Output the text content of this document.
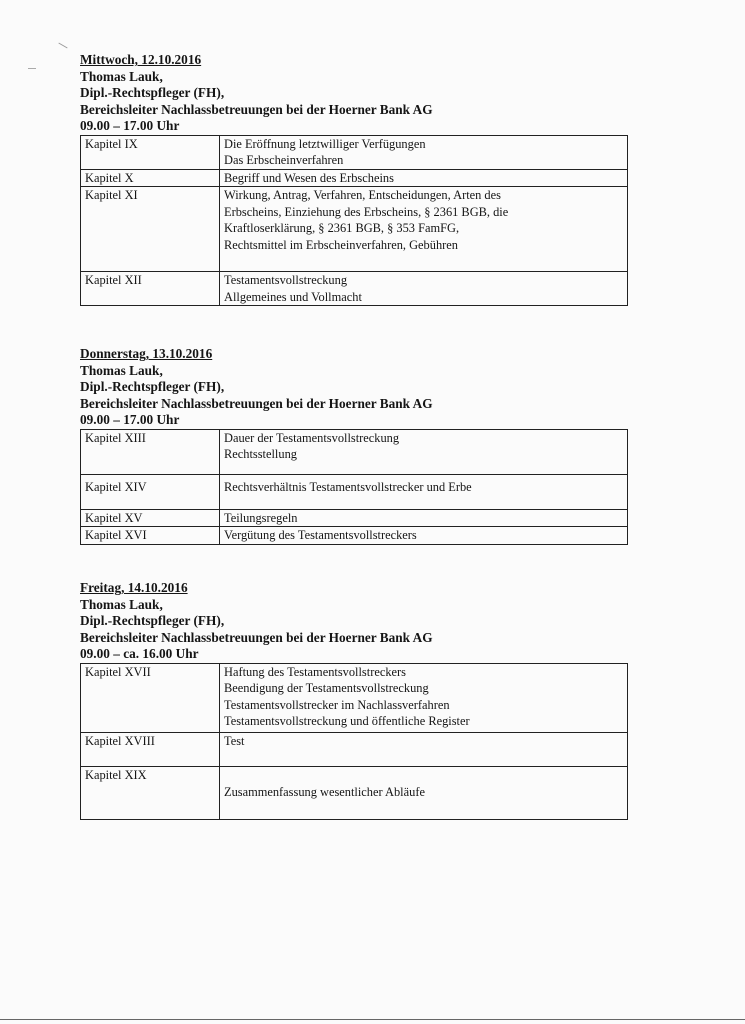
Mittwoch, 12.10.2016
Thomas Lauk,
Dipl.-Rechtspfleger (FH),
Bereichsleiter Nachlassbetreuungen bei der Hoerner Bank AG
09.00 – 17.00 Uhr
Kapitel IX	Die Eröffnung letztwilliger Verfügungen
Das Erbscheinverfahren

Kapitel X	Begriff und Wesen des Erbscheins

Kapitel XI	Wirkung, Antrag, Verfahren, Entscheidungen, Arten des
Erbscheins, Einziehung des Erbscheins, § 2361 BGB, die
Kraftloserklärung, § 2361 BGB, § 353 FamFG,
Rechtsmittel im Erbscheinverfahren, Gebühren

Kapitel XII	Testamentsvollstreckung
Allgemeines und Vollmacht
Donnerstag, 13.10.2016
Thomas Lauk,
Dipl.-Rechtspfleger (FH),
Bereichsleiter Nachlassbetreuungen bei der Hoerner Bank AG
09.00 – 17.00 Uhr
Kapitel XIII	Dauer der Testamentsvollstreckung
Rechtsstellung

Kapitel XIV	Rechtsverhältnis Testamentsvollstrecker und Erbe

Kapitel XV	Teilungsregeln

Kapitel XVI	Vergütung des Testamentsvollstreckers
Freitag, 14.10.2016
Thomas Lauk,
Dipl.-Rechtspfleger (FH),
Bereichsleiter Nachlassbetreuungen bei der Hoerner Bank AG
09.00 – ca. 16.00 Uhr
Kapitel XVII	Haftung des Testamentsvollstreckers
Beendigung der Testamentsvollstreckung
Testamentsvollstrecker im Nachlassverfahren
Testamentsvollstreckung und öffentliche Register

Kapitel XVIII	Test

Kapitel XIX	Zusammenfassung wesentlicher Abläufe
